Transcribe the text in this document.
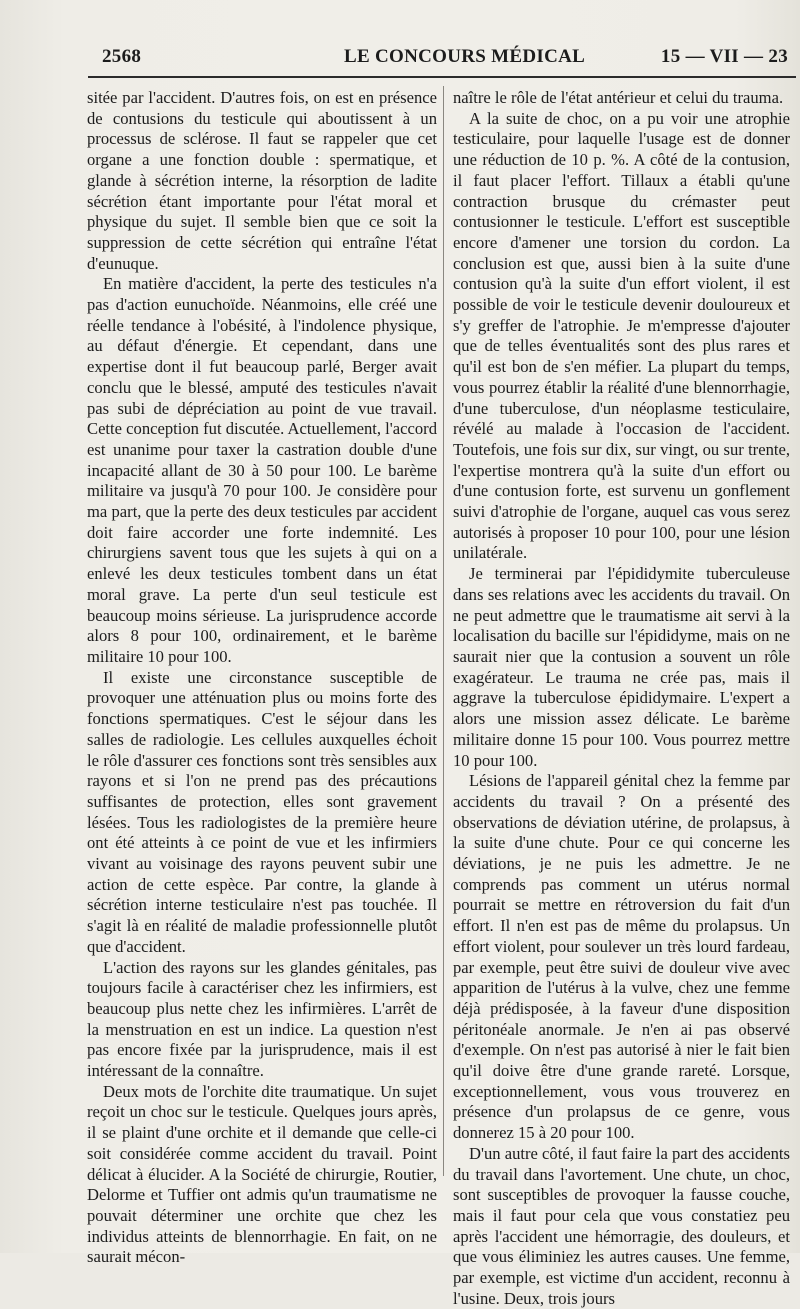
2568	LE CONCOURS MÉDICAL	15 — VII — 23

sitée par l'accident. D'autres fois, on est en présence de contusions du testicule qui aboutissent à un processus de sclérose. Il faut se rappeler que cet organe a une fonction double : spermatique, et glande à sécrétion interne, la résorption de ladite sécrétion étant importante pour l'état moral et physique du sujet. Il semble bien que ce soit la suppression de cette sécrétion qui entraîne l'état d'eunuque.

En matière d'accident, la perte des testicules n'a pas d'action eunuchoïde. Néanmoins, elle créé une réelle tendance à l'obésité, à l'indolence physique, au défaut d'énergie. Et cependant, dans une expertise dont il fut beaucoup parlé, Berger avait conclu que le blessé, amputé des testicules n'avait pas subi de dépréciation au point de vue travail. Cette conception fut discutée. Actuellement, l'accord est unanime pour taxer la castration double d'une incapacité allant de 30 à 50 pour 100. Le barème militaire va jusqu'à 70 pour 100. Je considère pour ma part, que la perte des deux testicules par accident doit faire accorder une forte indemnité. Les chirurgiens savent tous que les sujets à qui on a enlevé les deux testicules tombent dans un état moral grave. La perte d'un seul testicule est beaucoup moins sérieuse. La jurisprudence accorde alors 8 pour 100, ordinairement, et le barème militaire 10 pour 100.

Il existe une circonstance susceptible de provoquer une atténuation plus ou moins forte des fonctions spermatiques. C'est le séjour dans les salles de radiologie. Les cellules auxquelles échoit le rôle d'assurer ces fonctions sont très sensibles aux rayons et si l'on ne prend pas des précautions suffisantes de protection, elles sont gravement lésées. Tous les radiologistes de la première heure ont été atteints à ce point de vue et les infirmiers vivant au voisinage des rayons peuvent subir une action de cette espèce. Par contre, la glande à sécrétion interne testiculaire n'est pas touchée. Il s'agit là en réalité de maladie professionnelle plutôt que d'accident.

L'action des rayons sur les glandes génitales, pas toujours facile à caractériser chez les infirmiers, est beaucoup plus nette chez les infirmières. L'arrêt de la menstruation en est un indice. La question n'est pas encore fixée par la jurisprudence, mais il est intéressant de la connaître.

Deux mots de l'orchite dite traumatique. Un sujet reçoit un choc sur le testicule. Quelques jours après, il se plaint d'une orchite et il demande que celle-ci soit considérée comme accident du travail. Point délicat à élucider. A la Société de chirurgie, Routier, Delorme et Tuffier ont admis qu'un traumatisme ne pouvait déterminer une orchite que chez les individus atteints de blennorrhagie. En fait, on ne saurait mécon-

naître le rôle de l'état antérieur et celui du trauma.

A la suite de choc, on a pu voir une atrophie testiculaire, pour laquelle l'usage est de donner une réduction de 10 p. %. A côté de la contusion, il faut placer l'effort. Tillaux a établi qu'une contraction brusque du crémaster peut contusionner le testicule. L'effort est susceptible encore d'amener une torsion du cordon. La conclusion est que, aussi bien à la suite d'une contusion qu'à la suite d'un effort violent, il est possible de voir le testicule devenir douloureux et s'y greffer de l'atrophie. Je m'empresse d'ajouter que de telles éventualités sont des plus rares et qu'il est bon de s'en méfier. La plupart du temps, vous pourrez établir la réalité d'une blennorrhagie, d'une tuberculose, d'un néoplasme testiculaire, révélé au malade à l'occasion de l'accident. Toutefois, une fois sur dix, sur vingt, ou sur trente, l'expertise montrera qu'à la suite d'un effort ou d'une contusion forte, est survenu un gonflement suivi d'atrophie de l'organe, auquel cas vous serez autorisés à proposer 10 pour 100, pour une lésion unilatérale.

Je terminerai par l'épididymite tuberculeuse dans ses relations avec les accidents du travail. On ne peut admettre que le traumatisme ait servi à la localisation du bacille sur l'épididyme, mais on ne saurait nier que la contusion a souvent un rôle exagérateur. Le trauma ne crée pas, mais il aggrave la tuberculose épididymaire. L'expert a alors une mission assez délicate. Le barème militaire donne 15 pour 100. Vous pourrez mettre 10 pour 100.

Lésions de l'appareil génital chez la femme par accidents du travail ? On a présenté des observations de déviation utérine, de prolapsus, à la suite d'une chute. Pour ce qui concerne les déviations, je ne puis les admettre. Je ne comprends pas comment un utérus normal pourrait se mettre en rétroversion du fait d'un effort. Il n'en est pas de même du prolapsus. Un effort violent, pour soulever un très lourd fardeau, par exemple, peut être suivi de douleur vive avec apparition de l'utérus à la vulve, chez une femme déjà prédisposée, à la faveur d'une disposition péritonéale anormale. Je n'en ai pas observé d'exemple. On n'est pas autorisé à nier le fait bien qu'il doive être d'une grande rareté. Lorsque, exceptionnellement, vous vous trouverez en présence d'un prolapsus de ce genre, vous donnerez 15 à 20 pour 100.

D'un autre côté, il faut faire la part des accidents du travail dans l'avortement. Une chute, un choc, sont susceptibles de provoquer la fausse couche, mais il faut pour cela que vous constatiez peu après l'accident une hémorragie, des douleurs, et que vous éliminiez les autres causes. Une femme, par exemple, est victime d'un accident, reconnu à l'usine. Deux, trois jours
